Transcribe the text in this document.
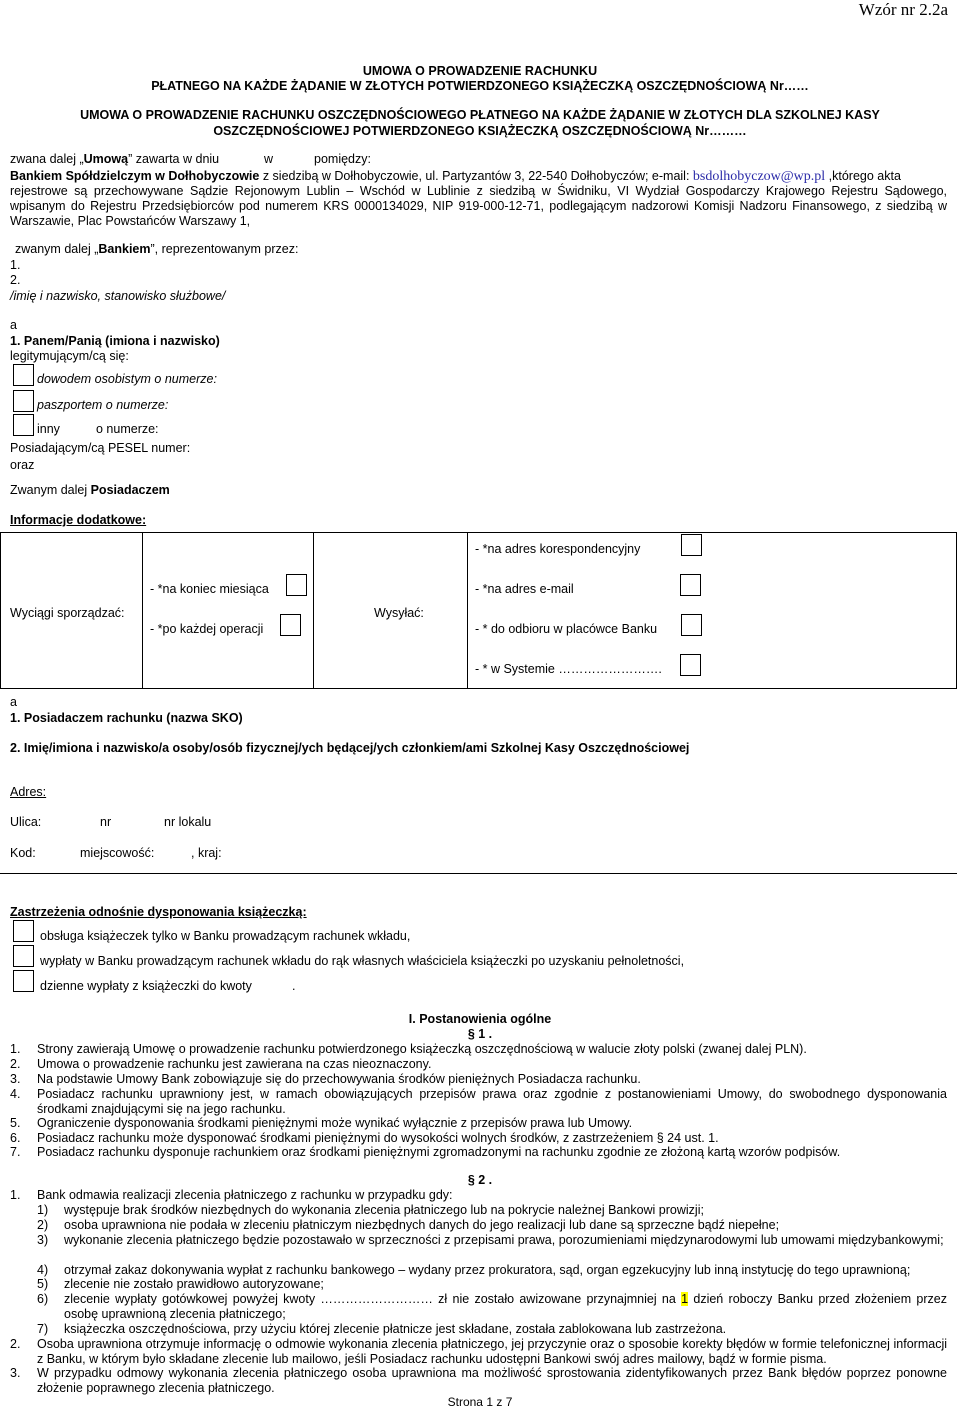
Wzór nr 2.2a
UMOWA O PROWADZENIE RACHUNKU
PŁATNEGO NA KAŻDE ŻĄDANIE W ZŁOTYCH POTWIERDZONEGO KSIĄŻECZKĄ OSZCZĘDNOŚCIOWĄ Nr……
UMOWA O PROWADZENIE RACHUNKU OSZCZĘDNOŚCIOWEGO PŁATNEGO NA KAŻDE ŻĄDANIE W ZŁOTYCH DLA SZKOLNEJ KASY
OSZCZĘDNOŚCIOWEJ POTWIERDZONEGO KSIĄŻECZKĄ OSZCZĘDNOŚCIOWĄ Nr………
zwana dalej „Umową” zawarta w dniu	w	pomiędzy:
Bankiem Spółdzielczym w Dołhobyczowie z siedzibą w Dołhobyczowie, ul. Partyzantów 3, 22-540 Dołhobyczów; e-mail: bsdolhobyczow@wp.pl ,którego akta
rejestrowe są przechowywane Sądzie Rejonowym Lublin – Wschód w Lublinie z siedzibą w Świdniku, VI Wydział Gospodarczy Krajowego Rejestru Sądowego, wpisanym do Rejestru Przedsiębiorców pod numerem KRS 0000134029, NIP 919-000-12-71, podlegającym nadzorowi Komisji Nadzoru Finansowego, z siedzibą w Warszawie, Plac Powstańców Warszawy 1,
zwanym dalej „Bankiem”, reprezentowanym przez:
1.
2.
/imię i nazwisko, stanowisko służbowe/
a
1. Panem/Panią (imiona i nazwisko)
legitymującym/cą się:
dowodem osobistym o numerze:
paszportem o numerze:
inny	o numerze:
Posiadającym/cą PESEL numer:
oraz
Zwanym dalej Posiadaczem
Informacje dodatkowe:
Wyciągi sporządzać:
- *na koniec miesiąca
- *po każdej operacji
Wysyłać:
- *na adres korespondencyjny
- *na adres e-mail
- * do odbioru w placówce Banku
- * w Systemie …………………….
a
1. Posiadaczem rachunku (nazwa SKO)
2. Imię/imiona i nazwisko/a osoby/osób fizycznej/ych będącej/ych członkiem/ami Szkolnej Kasy Oszczędnościowej
Adres:
Ulica:	nr	nr lokalu
Kod:	miejscowość:	, kraj:
Zastrzeżenia odnośnie dysponowania książeczką:
obsługa książeczek tylko w Banku prowadzącym rachunek wkładu,
wypłaty w Banku prowadzącym rachunek wkładu do rąk własnych właściciela książeczki po uzyskaniu pełnoletności,
dzienne wypłaty z książeczki do kwoty	.
I. Postanowienia ogólne
§ 1 .
1. Strony zawierają Umowę o prowadzenie rachunku potwierdzonego książeczką oszczędnościową w walucie złoty polski (zwanej dalej PLN).
2. Umowa o prowadzenie rachunku jest zawierana na czas nieoznaczony.
3. Na podstawie Umowy Bank zobowiązuje się do przechowywania środków pieniężnych Posiadacza rachunku.
4. Posiadacz rachunku uprawniony jest, w ramach obowiązujących przepisów prawa oraz zgodnie z postanowieniami Umowy, do swobodnego dysponowania środkami znajdującymi się na jego rachunku.
5. Ograniczenie dysponowania środkami pieniężnymi może wynikać wyłącznie z przepisów prawa lub Umowy.
6. Posiadacz rachunku może dysponować środkami pieniężnymi do wysokości wolnych środków, z zastrzeżeniem § 24 ust. 1.
7. Posiadacz rachunku dysponuje rachunkiem oraz środkami pieniężnymi zgromadzonymi na rachunku zgodnie ze złożoną kartą wzorów podpisów.
§ 2 .
1. Bank odmawia realizacji zlecenia płatniczego z rachunku w przypadku gdy:
1) występuje brak środków niezbędnych do wykonania zlecenia płatniczego lub na pokrycie należnej Bankowi prowizji;
2) osoba uprawniona nie podała w zleceniu płatniczym niezbędnych danych do jego realizacji lub dane są sprzeczne bądź niepełne;
3) wykonanie zlecenia płatniczego będzie pozostawało w sprzeczności z przepisami prawa, porozumieniami międzynarodowymi lub umowami międzybankowymi;
4) otrzymał zakaz dokonywania wypłat z rachunku bankowego – wydany przez prokuratora, sąd, organ egzekucyjny lub inną instytucję do tego uprawnioną;
5) zlecenie nie zostało prawidłowo autoryzowane;
6) zlecenie wypłaty gotówkowej powyżej kwoty ……………………… zł nie zostało awizowane przynajmniej na 1 dzień roboczy Banku przed złożeniem przez osobę uprawnioną zlecenia płatniczego;
7) książeczka oszczędnościowa, przy użyciu której zlecenie płatnicze jest składane, została zablokowana lub zastrzeżona.
2. Osoba uprawniona otrzymuje informację o odmowie wykonania zlecenia płatniczego, jej przyczynie oraz o sposobie korekty błędów w formie telefonicznej informacji z Banku, w którym było składane zlecenie lub mailowo, jeśli Posiadacz rachunku udostępni Bankowi swój adres mailowy, bądź w formie pisma.
3. W przypadku odmowy wykonania zlecenia płatniczego osoba uprawniona ma możliwość sprostowania zidentyfikowanych przez Bank błędów poprzez ponowne złożenie poprawnego zlecenia płatniczego.
Strona 1 z 7
